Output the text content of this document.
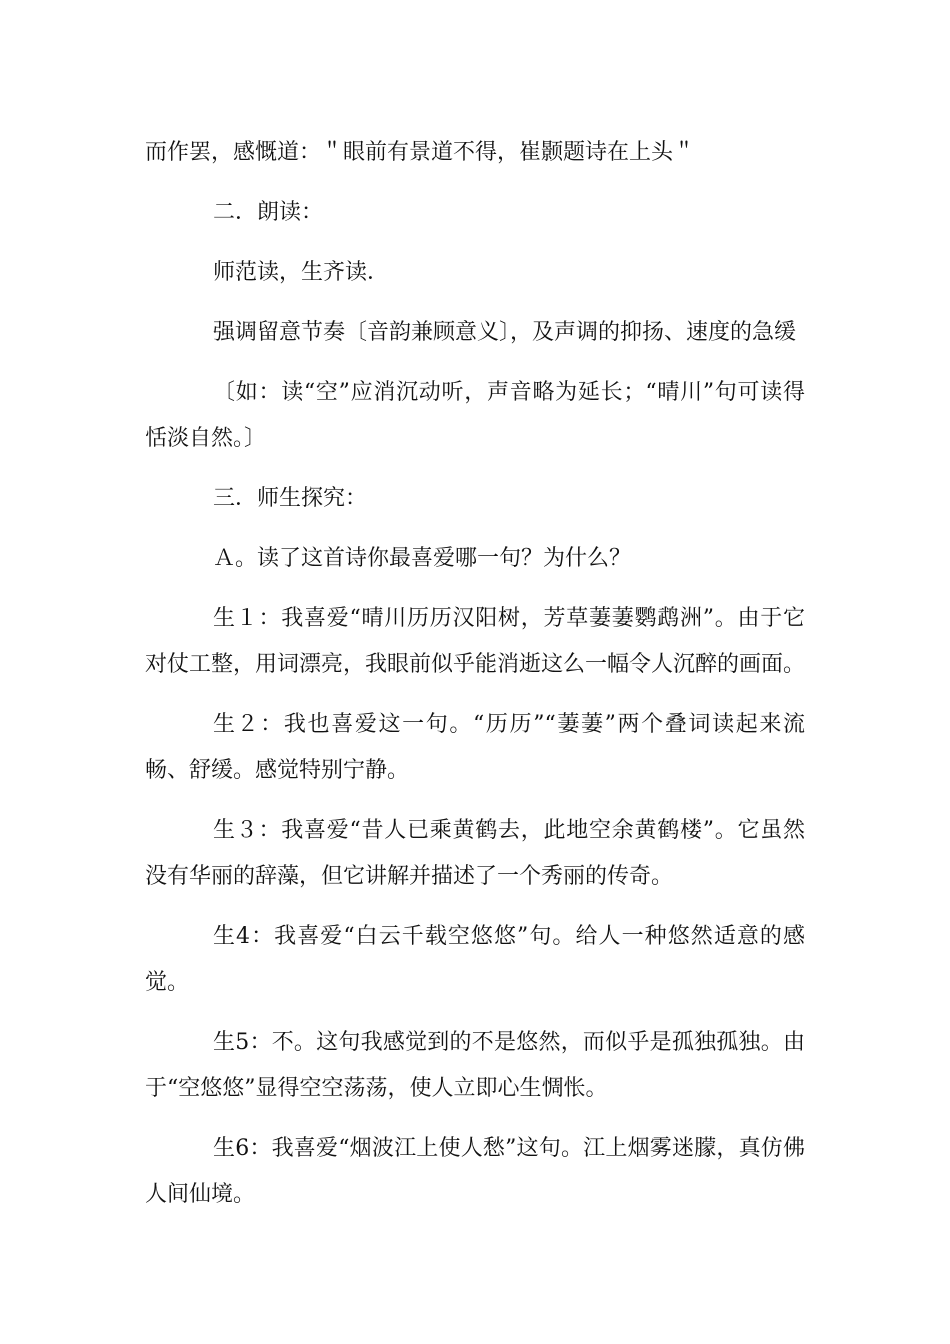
而作罢，感慨道：＂眼前有景道不得，崔颢题诗在上头＂

二．朗读：

师范读，生齐读．

强调留意节奏〔音韵兼顾意义〕，及声调的抑扬、速度的急缓

〔如：读“空”应消沉动听，声音略为延长；“晴川”句可读得恬淡自然。〕

三．师生探究：

Ａ。读了这首诗你最喜爱哪一句？为什么？

生１：我喜爱“晴川历历汉阳树，芳草萋萋鹦鹉洲”。由于它对仗工整，用词漂亮，我眼前似乎能消逝这么一幅令人沉醉的画面。

生２：我也喜爱这一句。“历历”“萋萋”两个叠词读起来流畅、舒缓。感觉特别宁静。

生３：我喜爱“昔人已乘黄鹤去，此地空余黄鹤楼”。它虽然没有华丽的辞藻，但它讲解并描述了一个秀丽的传奇。

生4：我喜爱“白云千载空悠悠”句。给人一种悠然适意的感觉。

生5：不。这句我感觉到的不是悠然，而似乎是孤独孤独。由于“空悠悠”显得空空荡荡，使人立即心生惆怅。

生6：我喜爱“烟波江上使人愁”这句。江上烟雾迷朦，真仿佛人间仙境。
